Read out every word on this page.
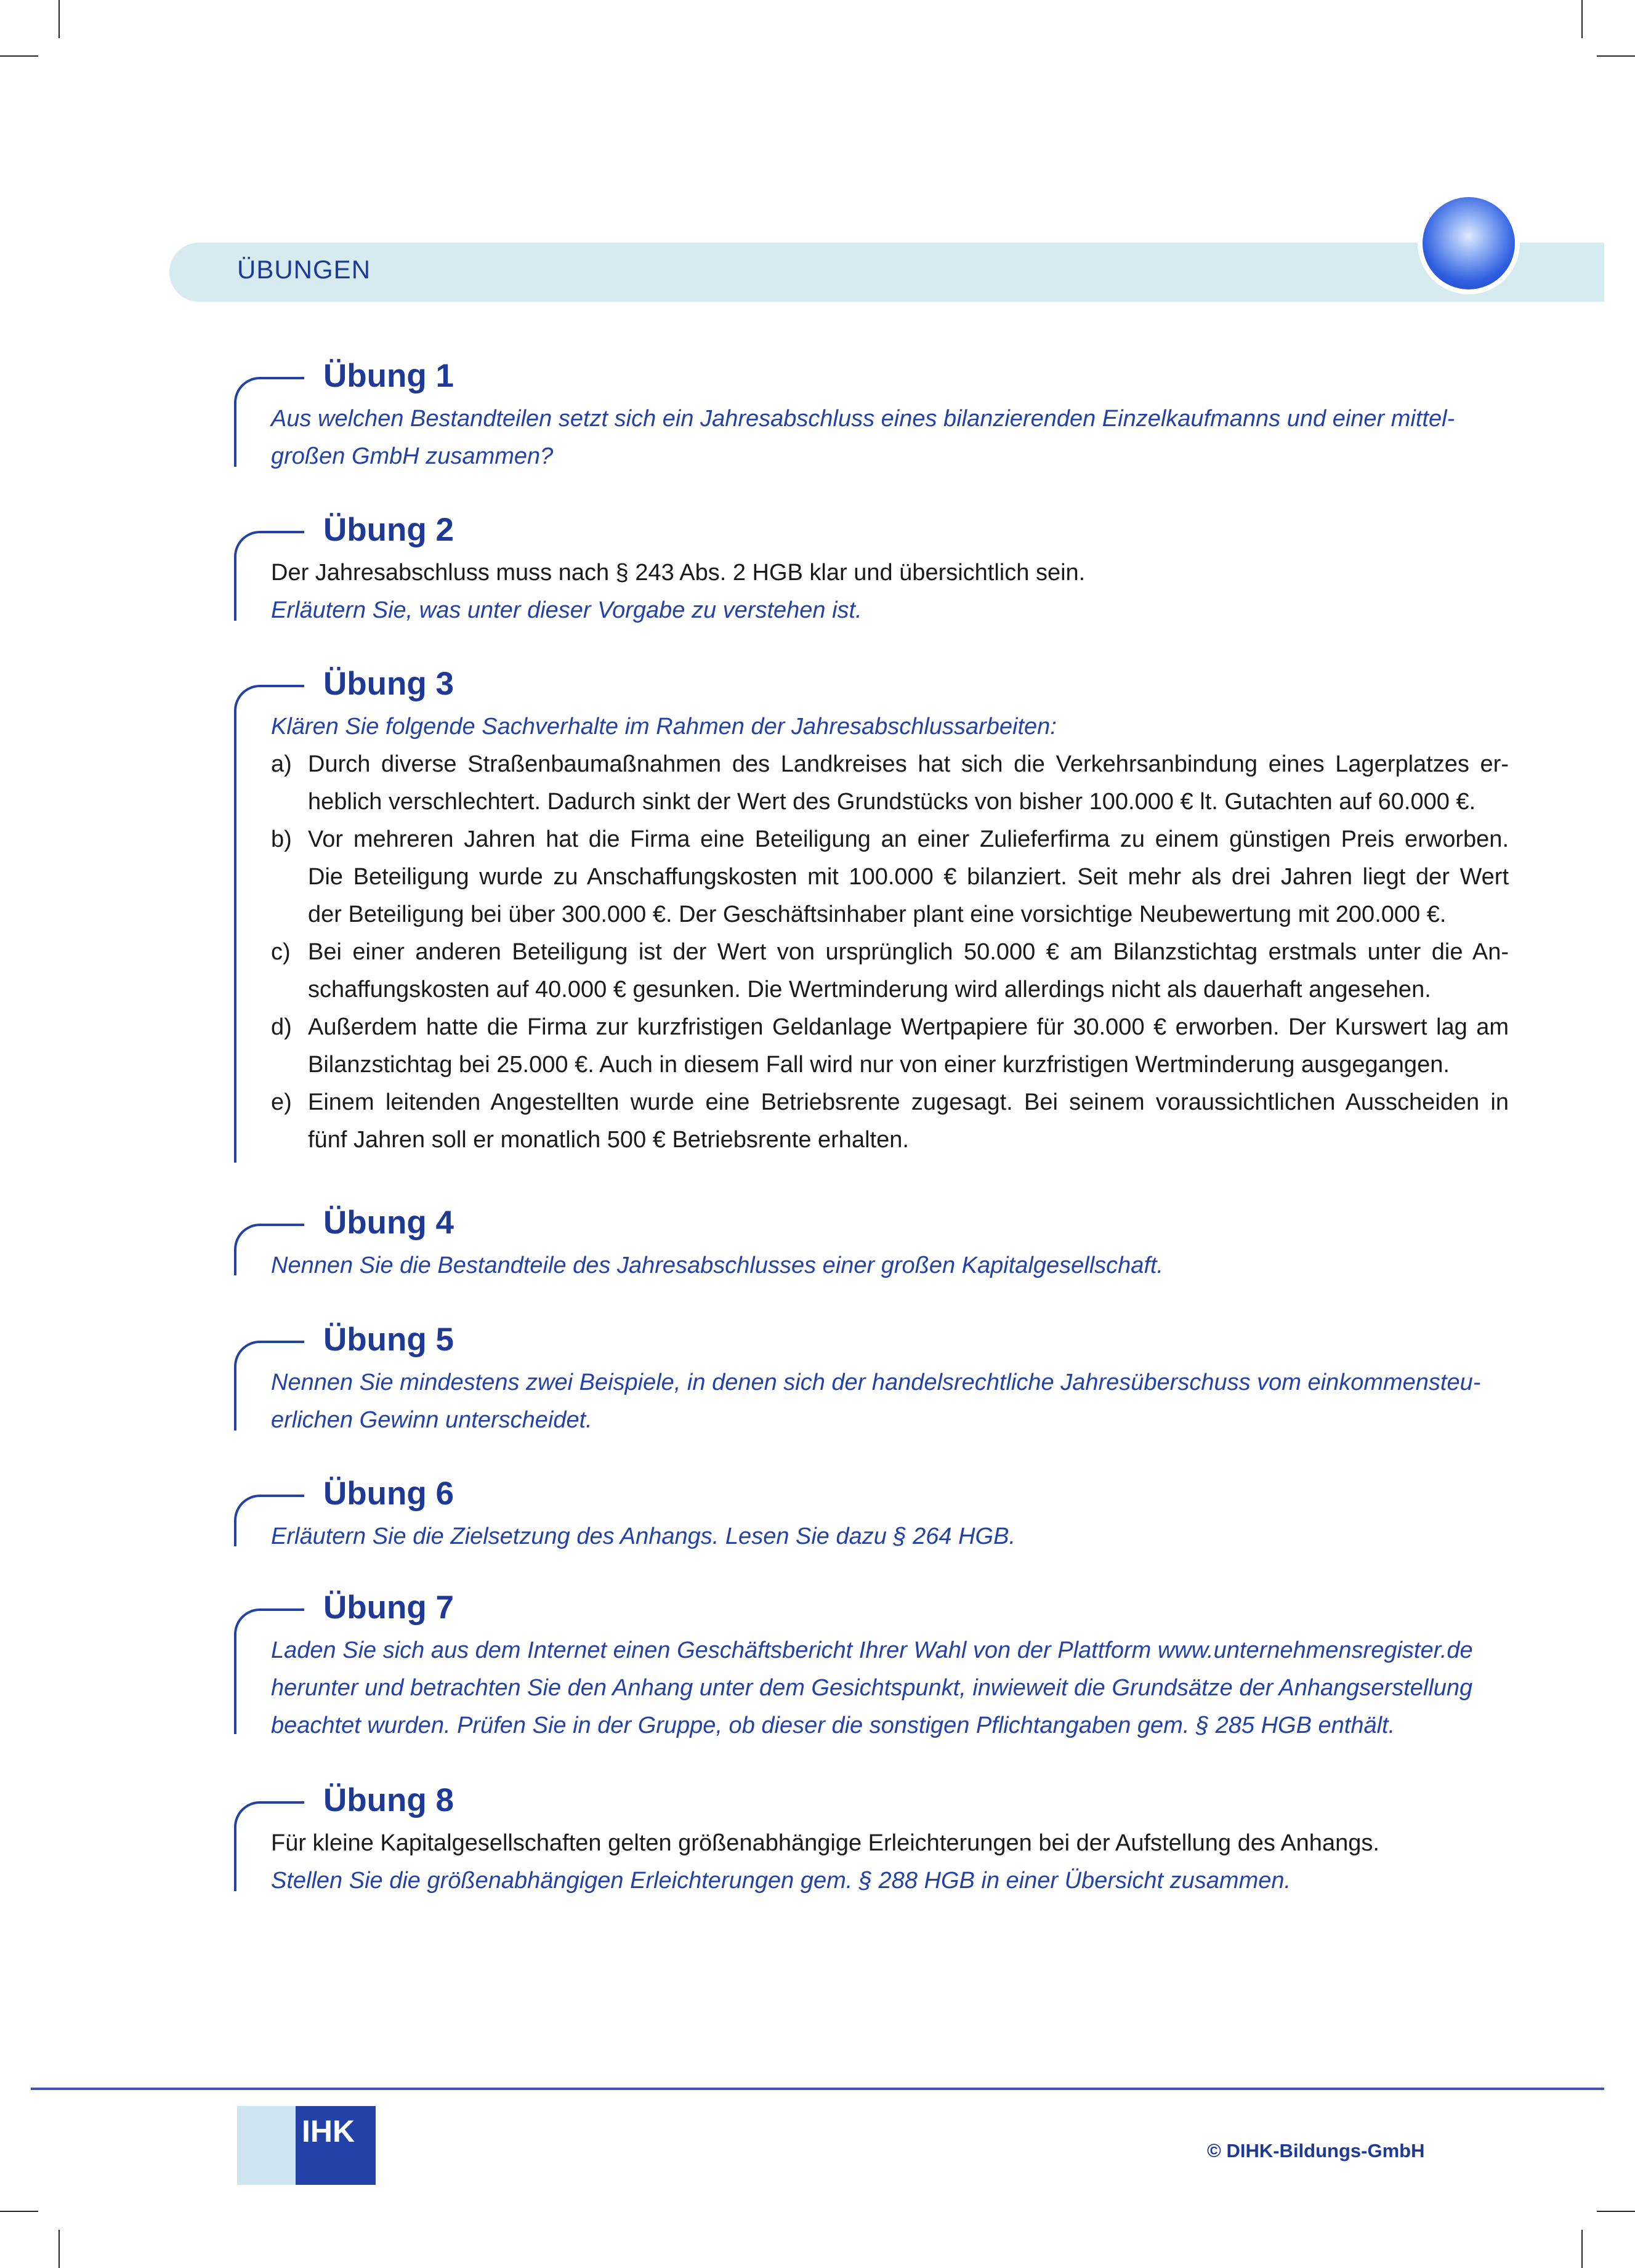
ÜBUNGEN
Übung 1
Aus welchen Bestandteilen setzt sich ein Jahresabschluss eines bilanzierenden Einzelkaufmanns und einer mittel-
großen GmbH zusammen?
Übung 2
Der Jahresabschluss muss nach § 243 Abs. 2 HGB klar und übersichtlich sein.
Erläutern Sie, was unter dieser Vorgabe zu verstehen ist.
Übung 3
Klären Sie folgende Sachverhalte im Rahmen der Jahresabschlussarbeiten:
a) Durch diverse Straßenbaumaßnahmen des Landkreises hat sich die Verkehrsanbindung eines Lagerplatzes er-
heblich verschlechtert. Dadurch sinkt der Wert des Grundstücks von bisher 100.000 € lt. Gutachten auf 60.000 €.
b) Vor mehreren Jahren hat die Firma eine Beteiligung an einer Zulieferfirma zu einem günstigen Preis erworben.
Die Beteiligung wurde zu Anschaffungskosten mit 100.000 € bilanziert. Seit mehr als drei Jahren liegt der Wert
der Beteiligung bei über 300.000 €. Der Geschäftsinhaber plant eine vorsichtige Neubewertung mit 200.000 €.
c) Bei einer anderen Beteiligung ist der Wert von ursprünglich 50.000 € am Bilanzstichtag erstmals unter die An-
schaffungskosten auf 40.000 € gesunken. Die Wertminderung wird allerdings nicht als dauerhaft angesehen.
d) Außerdem hatte die Firma zur kurzfristigen Geldanlage Wertpapiere für 30.000 € erworben. Der Kurswert lag am
Bilanzstichtag bei 25.000 €. Auch in diesem Fall wird nur von einer kurzfristigen Wertminderung ausgegangen.
e) Einem leitenden Angestellten wurde eine Betriebsrente zugesagt. Bei seinem voraussichtlichen Ausscheiden in
fünf Jahren soll er monatlich 500 € Betriebsrente erhalten.
Übung 4
Nennen Sie die Bestandteile des Jahresabschlusses einer großen Kapitalgesellschaft.
Übung 5
Nennen Sie mindestens zwei Beispiele, in denen sich der handelsrechtliche Jahresüberschuss vom einkommensteu-
erlichen Gewinn unterscheidet.
Übung 6
Erläutern Sie die Zielsetzung des Anhangs. Lesen Sie dazu § 264 HGB.
Übung 7
Laden Sie sich aus dem Internet einen Geschäftsbericht Ihrer Wahl von der Plattform www.unternehmensregister.de
herunter und betrachten Sie den Anhang unter dem Gesichtspunkt, inwieweit die Grundsätze der Anhangserstellung
beachtet wurden. Prüfen Sie in der Gruppe, ob dieser die sonstigen Pflichtangaben gem. § 285 HGB enthält.
Übung 8
Für kleine Kapitalgesellschaften gelten größenabhängige Erleichterungen bei der Aufstellung des Anhangs.
Stellen Sie die größenabhängigen Erleichterungen gem. § 288 HGB in einer Übersicht zusammen.
IHK
© DIHK-Bildungs-GmbH
